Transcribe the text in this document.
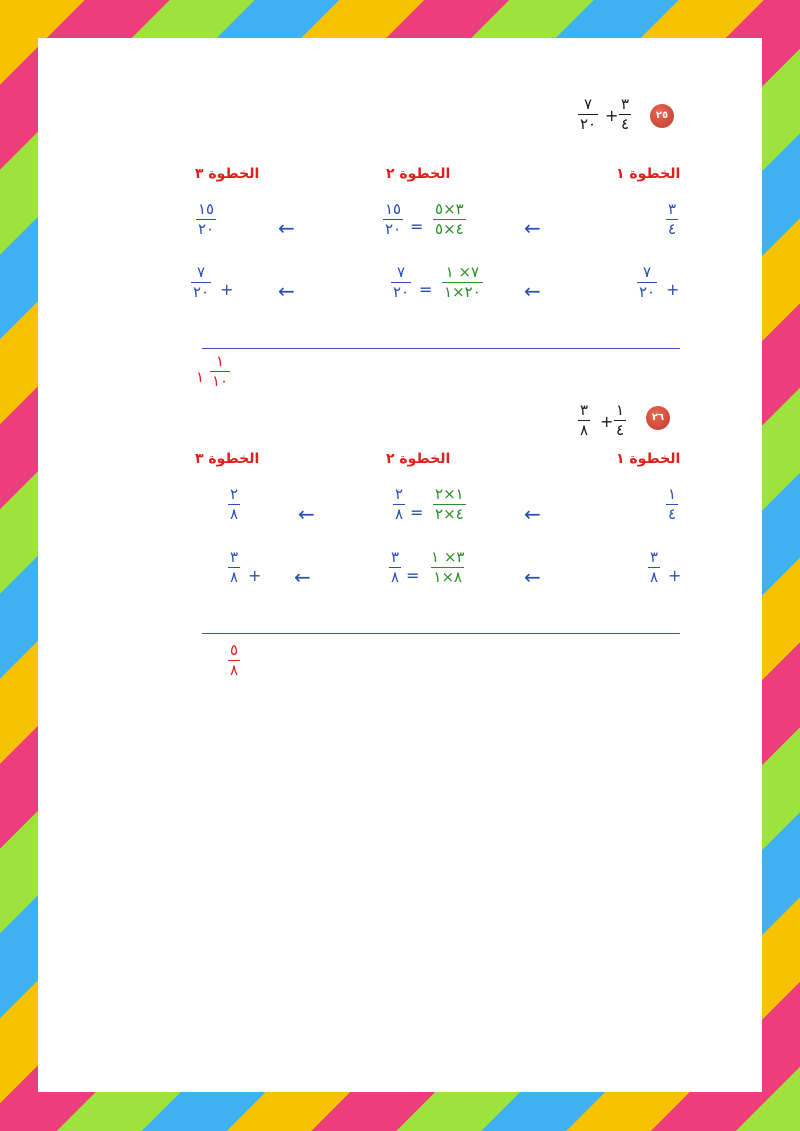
٧
٢٠ +
٣
٤	٢٥
الخطوة ١
الخطوة ٢
الخطوة ٣
٣
٤
←
٣×٥
٤×٥
=
١٥
٢٠
←
١٥
٢٠
+
٧
٢٠
←
٧× ١
٢٠×١
=
٧
٢٠
←
+
٧
٢٠
١
١٠
١
٣
٨ +
١
٤
٢٦
الخطوة ١
الخطوة ٢
الخطوة ٣
١
٤
←
١×٢
٤×٢
=
٢
٨
←
٢
٨
+
٣
٨
←
٣× ١
٨×١
=
٣
٨
←
+
٣
٨
٥
٨
